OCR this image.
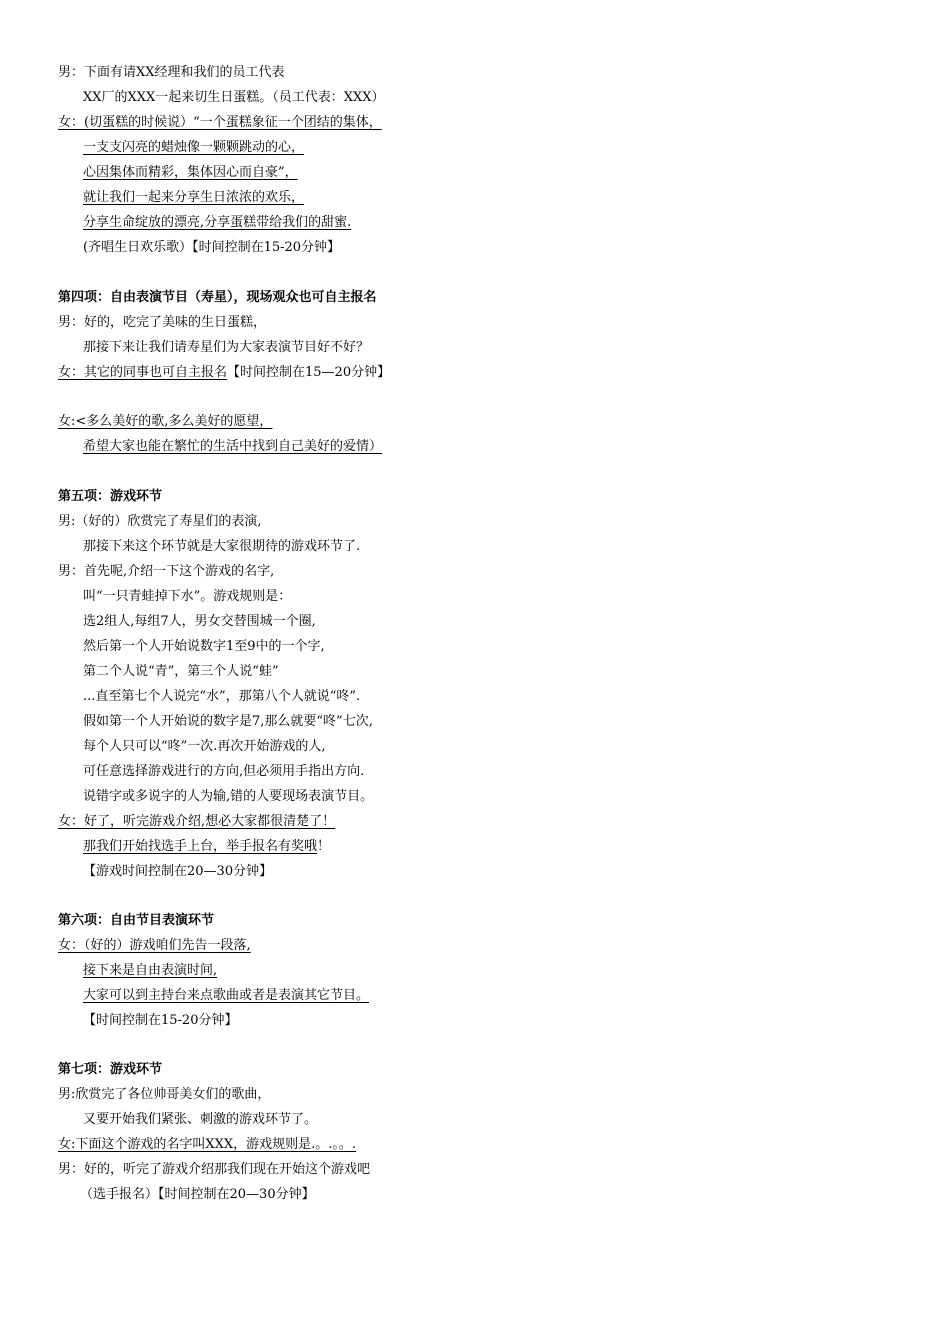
男：下面有请XX经理和我们的员工代表
XX厂的XXX一起来切生日蛋糕。（员工代表：XXX）
女：(切蛋糕的时候说）“一个蛋糕象征一个团结的集体，
一支支闪亮的蜡烛像一颗颗跳动的心，
心因集体而精彩，集体因心而自豪”，
就让我们一起来分享生日浓浓的欢乐，
分享生命绽放的漂亮,分享蛋糕带给我们的甜蜜.
(齐唱生日欢乐歌）【时间控制在15-20分钟】
第四项：自由表演节目（寿星），现场观众也可自主报名
男：好的，吃完了美味的生日蛋糕，
那接下来让我们请寿星们为大家表演节目好不好？
女：其它的同事也可自主报名【时间控制在15—20分钟】
女:<多么美好的歌,多么美好的愿望，
希望大家也能在繁忙的生活中找到自己美好的爱情）
第五项：游戏环节
男:（好的）欣赏完了寿星们的表演,
那接下来这个环节就是大家很期待的游戏环节了.
男：首先呢,介绍一下这个游戏的名字,
叫“一只青蛙掉下水”。游戏规则是：
选2组人,每组7人，男女交替围城一个圈,
然后第一个人开始说数字1至9中的一个字,
第二个人说“青”，第三个人说“蛙”
...直至第七个人说完“水”，那第八个人就说“咚”.
假如第一个人开始说的数字是7,那么就要“咚”七次,
每个人只可以“咚”一次.再次开始游戏的人,
可任意选择游戏进行的方向,但必须用手指出方向.
说错字或多说字的人为输,错的人要现场表演节目。
女：好了，听完游戏介绍,想必大家都很清楚了！
那我们开始找选手上台，举手报名有奖哦！
【游戏时间控制在20—30分钟】
第六项：自由节目表演环节
女：（好的）游戏咱们先告一段落,
接下来是自由表演时间,
大家可以到主持台来点歌曲或者是表演其它节目。
【时间控制在15-20分钟】
第七项：游戏环节
男:欣赏完了各位帅哥美女们的歌曲，
又要开始我们紧张、刺激的游戏环节了。
女:下面这个游戏的名字叫XXX，游戏规则是.。.。。.
男：好的，听完了游戏介绍那我们现在开始这个游戏吧
（选手报名）【时间控制在20—30分钟】
